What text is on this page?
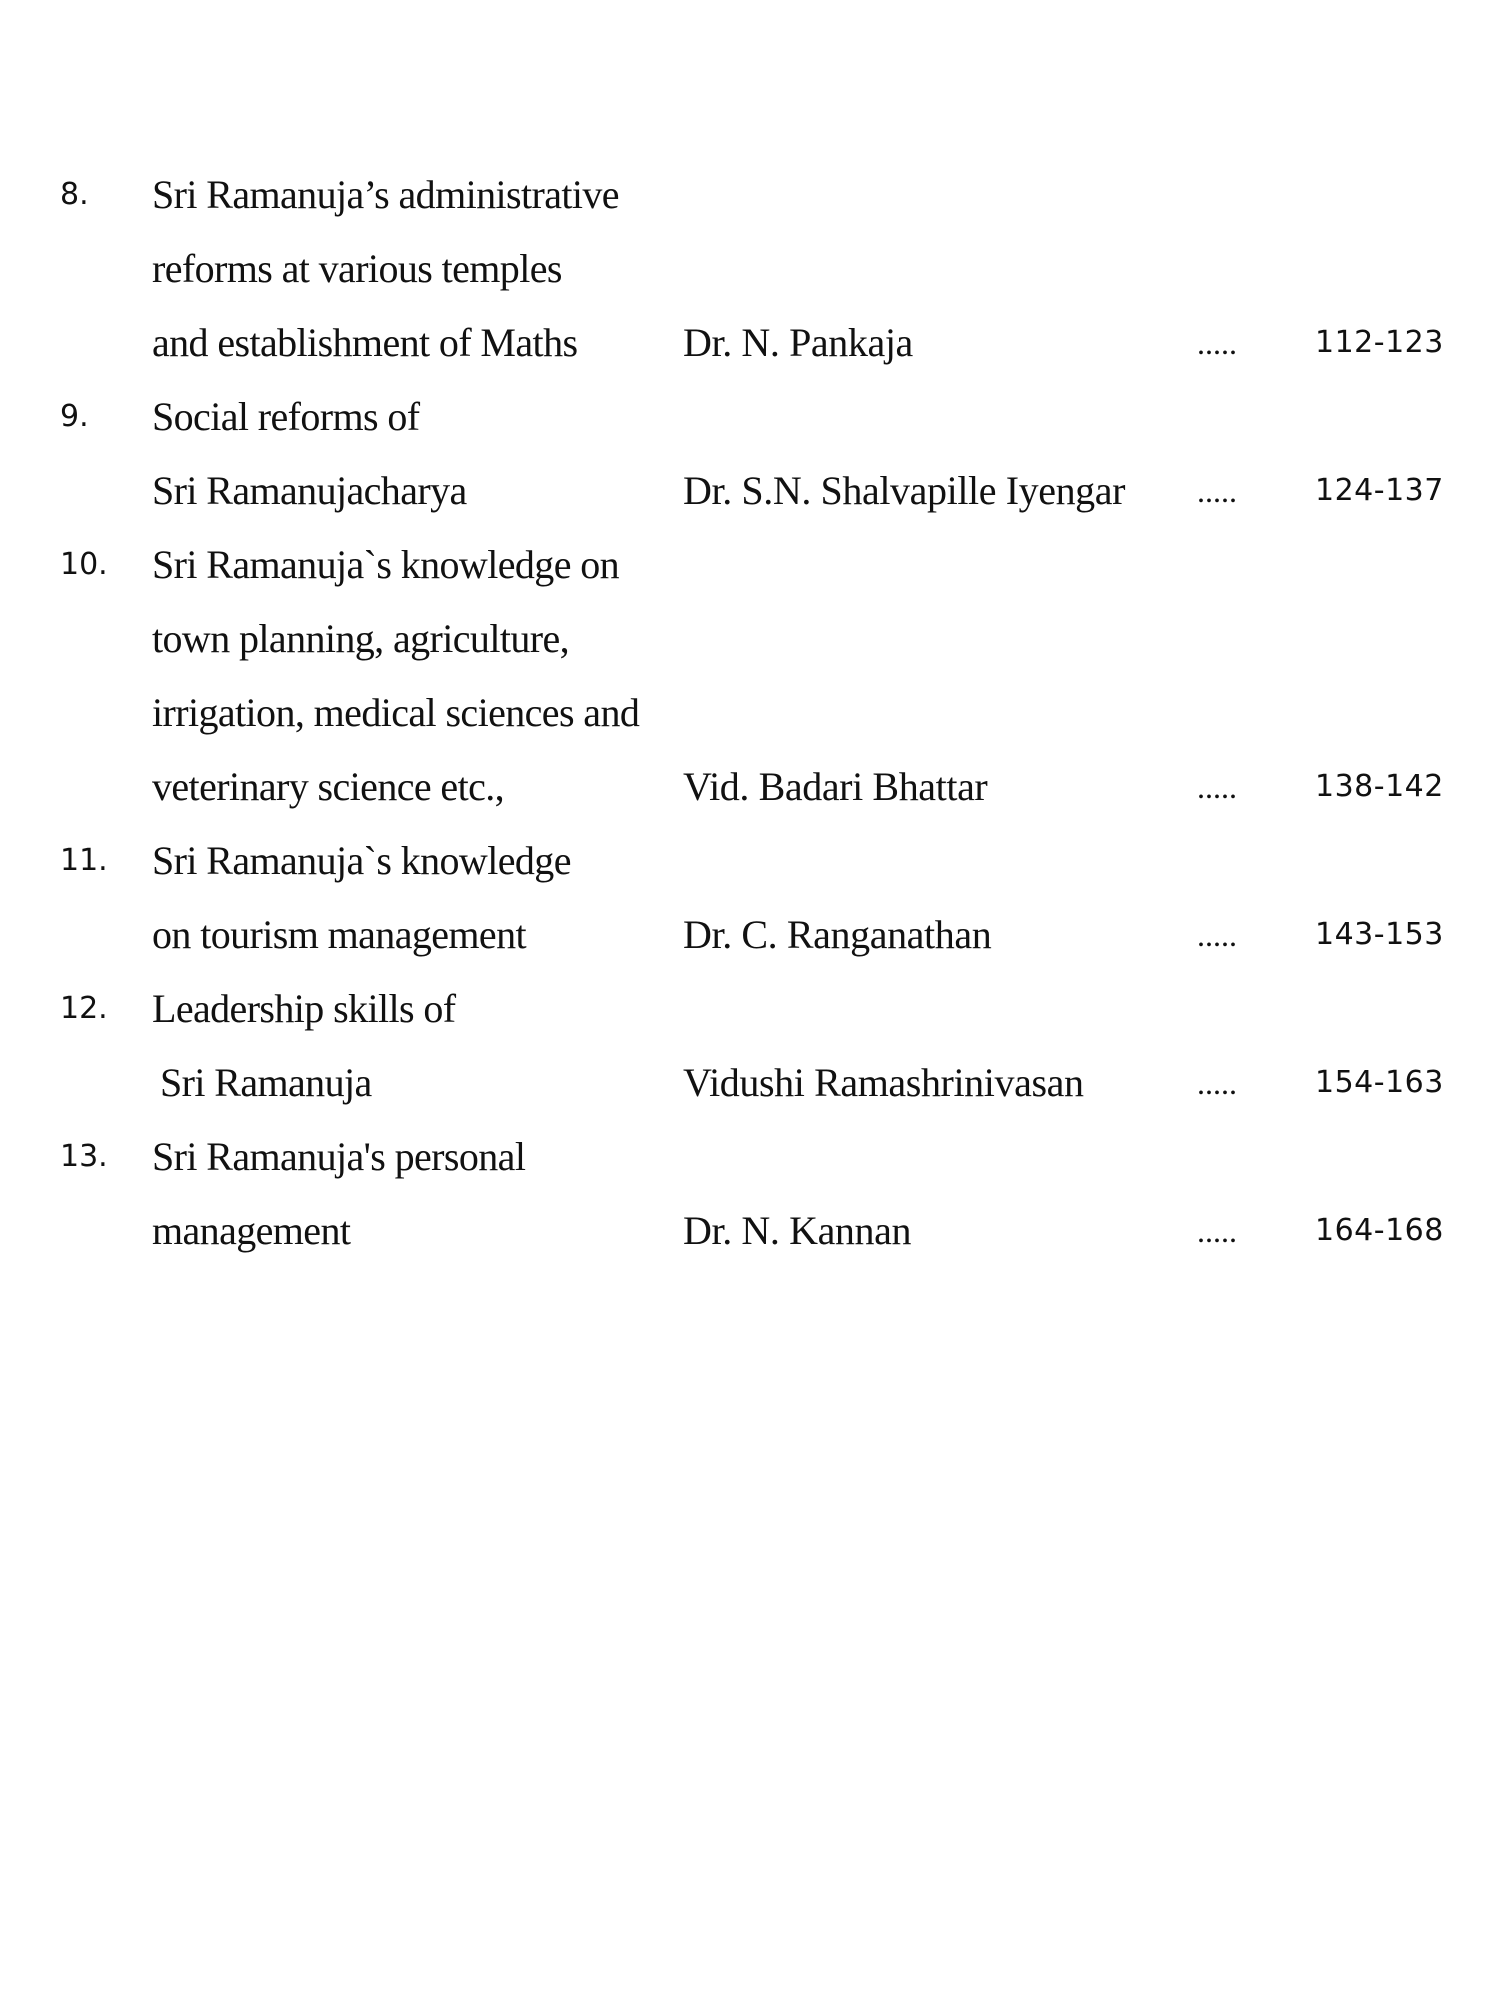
8.	Sri Ramanuja’s administrative
reforms at various temples
and establishment of Maths	Dr. N. Pankaja	.....	112-123
9.	Social reforms of
Sri Ramanujacharya	Dr. S.N. Shalvapille Iyengar .....	124-137
10.	Sri Ramanuja`s knowledge on
town planning, agriculture,
irrigation, medical sciences and
veterinary science etc.,	Vid. Badari Bhattar	.....	138-142
11.	Sri Ramanuja`s knowledge
on tourism management	Dr. C. Ranganathan	.....	143-153
12.	Leadership skills of
Sri Ramanuja	Vidushi Ramashrinivasan	.....	154-163
13.	Sri Ramanuja's personal
management	Dr. N. Kannan	.....	164-168
